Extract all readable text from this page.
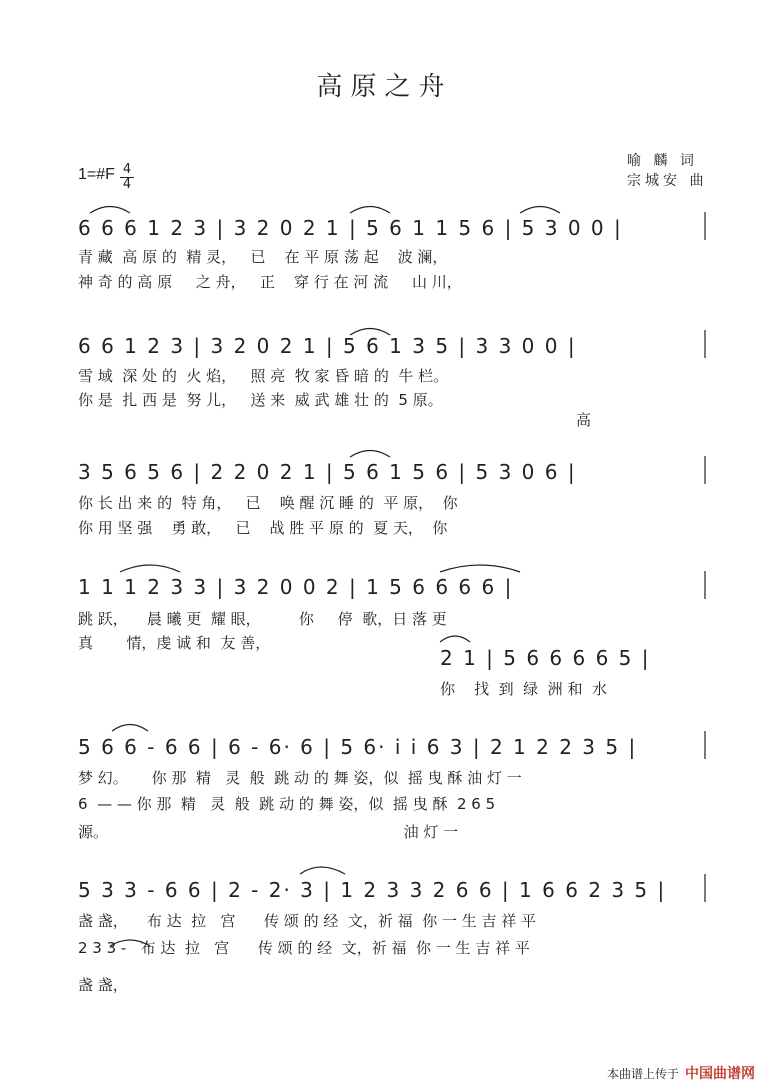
高原之舟
喻 麟 词
宗城安 曲
1=#F 4
4
6 6 6 1 2 3 | 3 2 0 2 1 | 5 6 1 1 5 6 | 5 3 0 0 |
青 藏  高 原 的  精 灵，   已    在 平 原 荡 起    波 澜，
神 奇 的 高 原     之 舟，   正    穿 行 在 河 流     山 川，
6 6 1 2 3 | 3 2 0 2 1 | 5 6 1 3 5 | 3 3 0 0 |
雪 域  深 处 的  火 焰，   照 亮  牧 家 昏 暗 的  牛 栏。
你 是  扎 西 是  努 儿，   送 来  威 武 雄 壮 的  5 原。
高
3 5 6 5 6 | 2 2 0 2 1 | 5 6 1 5 6 | 5 3 0 6 |
你 长 出 来 的  特 角，   已    唤 醒 沉 睡 的  平 原，  你
你 用 坚 强    勇 敢，   已    战 胜 平 原 的  夏 天，  你
1 1 1 2 3 3 | 3 2 0 0 2 | 1 5 6 6 6 6 |
跳 跃，    晨 曦 更  耀 眼，        你     停  歌，日 落 更
真       情，虔 诚 和  友 善，
2 1 | 5 6 6 6 6 5 |
你    找  到  绿  洲 和  水
5 6 6 - 6 6 | 6 - 6· 6 | 5 6· i i 6 3 | 2 1 2 2 3 5 |
梦 幻。     你 那  精   灵  般  跳 动 的 舞 姿，似  摇 曳 酥 油 灯 一
6  — — 你 那  精   灵  般  跳 动 的 舞 姿，似  摇 曳 酥  2 6 5
源。                                                              油 灯 一
5 3 3 - 6 6 | 2 - 2· 3 | 1 2 3 3 2 6 6 | 1 6 6 2 3 5 |
盏 盏，    布 达  拉   宫      传 颂 的 经  文，祈 福  你 一 生 吉 祥 平
2 3 3 -   布 达  拉   宫      传 颂 的 经  文，祈 福  你 一 生 吉 祥 平
盏 盏，
本曲谱上传于 中国曲谱网
